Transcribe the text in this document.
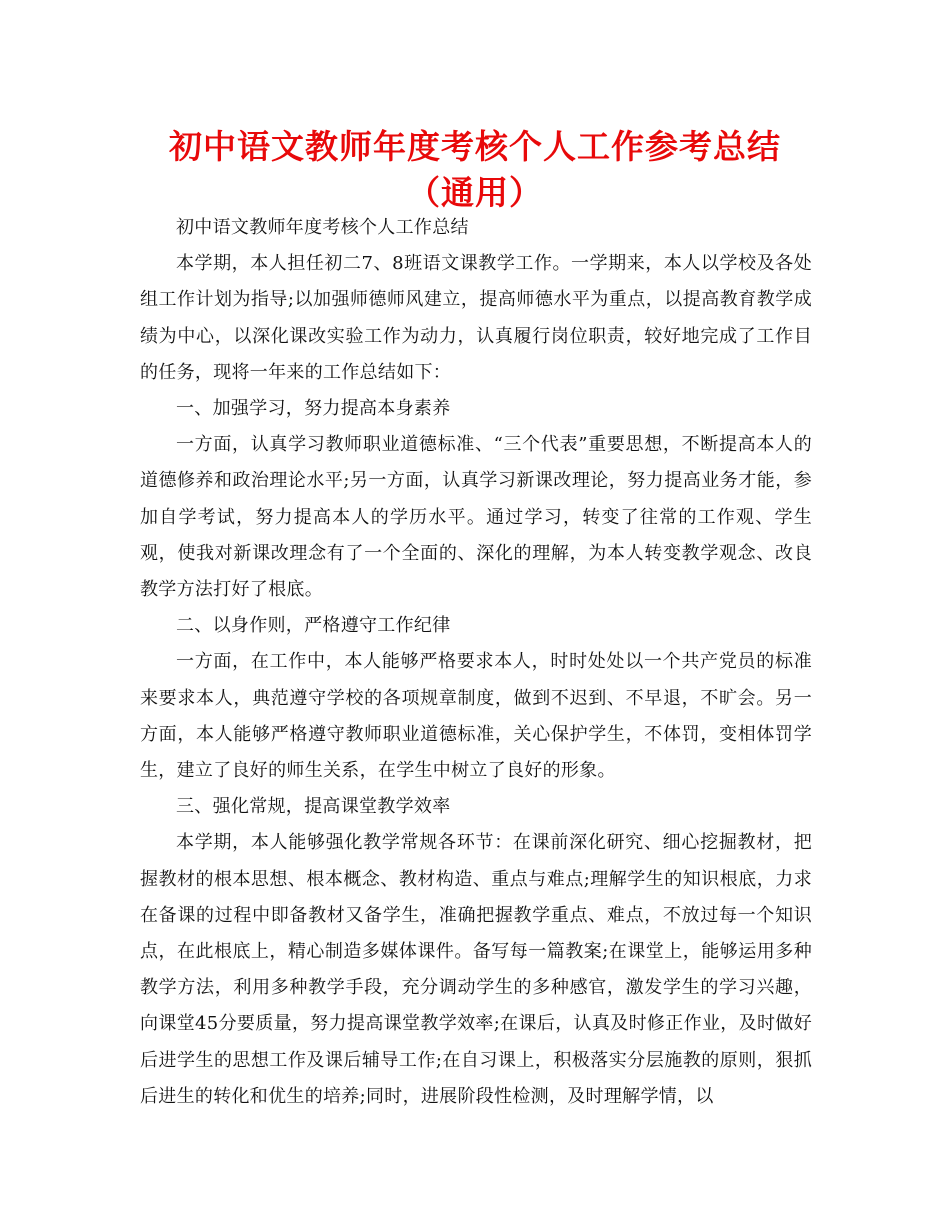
初中语文教师年度考核个人工作参考总结（通用）

初中语文教师年度考核个人工作总结

本学期，本人担任初二7、8班语文课教学工作。一学期来，本人以学校及各处组工作计划为指导;以加强师德师风建立，提高师德水平为重点，以提高教育教学成绩为中心，以深化课改实验工作为动力，认真履行岗位职责，较好地完成了工作目的任务，现将一年来的工作总结如下：

一、加强学习，努力提高本身素养

一方面，认真学习教师职业道德标准、“三个代表”重要思想，不断提高本人的道德修养和政治理论水平;另一方面，认真学习新课改理论，努力提高业务才能，参加自学考试，努力提高本人的学历水平。通过学习，转变了往常的工作观、学生观，使我对新课改理念有了一个全面的、深化的理解，为本人转变教学观念、改良教学方法打好了根底。

二、以身作则，严格遵守工作纪律

一方面，在工作中，本人能够严格要求本人，时时处处以一个共产党员的标准来要求本人，典范遵守学校的各项规章制度，做到不迟到、不早退，不旷会。另一方面，本人能够严格遵守教师职业道德标准，关心保护学生，不体罚，变相体罚学生，建立了良好的师生关系，在学生中树立了良好的形象。

三、强化常规，提高课堂教学效率

本学期，本人能够强化教学常规各环节：在课前深化研究、细心挖掘教材，把握教材的根本思想、根本概念、教材构造、重点与难点;理解学生的知识根底，力求在备课的过程中即备教材又备学生，准确把握教学重点、难点，不放过每一个知识点，在此根底上，精心制造多媒体课件。备写每一篇教案;在课堂上，能够运用多种教学方法，利用多种教学手段，充分调动学生的多种感官，激发学生的学习兴趣，向课堂45分要质量，努力提高课堂教学效率;在课后，认真及时修正作业，及时做好后进学生的思想工作及课后辅导工作;在自习课上，积极落实分层施教的原则，狠抓后进生的转化和优生的培养;同时，进展阶段性检测，及时理解学情，以
